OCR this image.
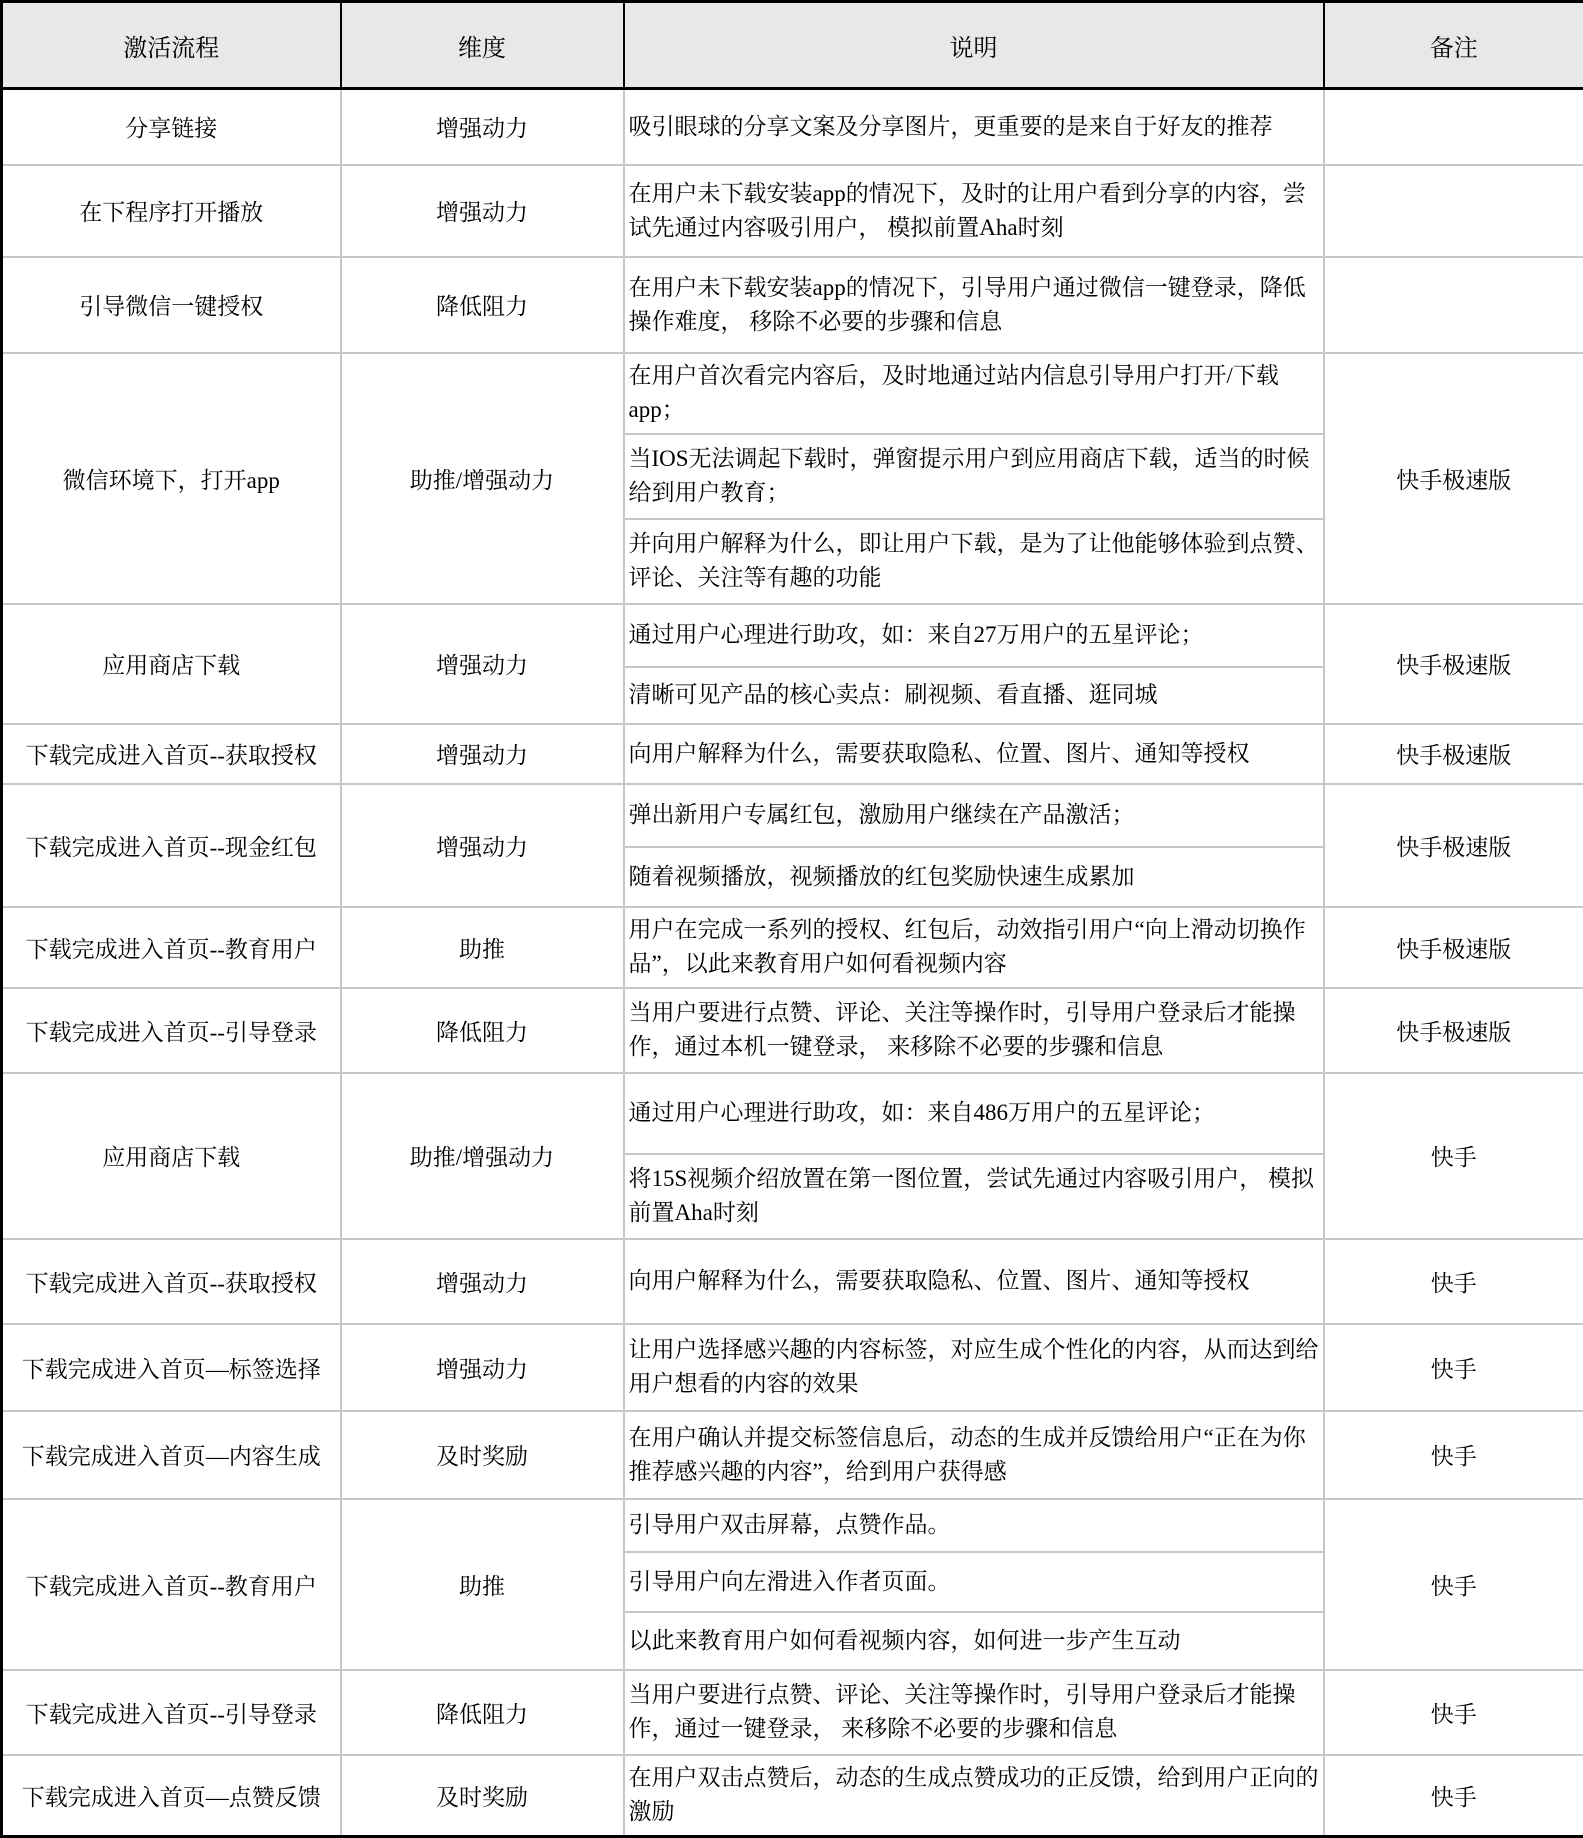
激活流程	维度	说明	备注
分享链接	增强动力	吸引眼球的分享文案及分享图片，更重要的是来自于好友的推荐	
在下程序打开播放	增强动力	在用户未下载安装app的情况下，及时的让用户看到分享的内容，尝试先通过内容吸引用户， 模拟前置Aha时刻	
引导微信一键授权	降低阻力	在用户未下载安装app的情况下，引导用户通过微信一键登录，降低操作难度， 移除不必要的步骤和信息	
微信环境下，打开app	助推/增强动力	在用户首次看完内容后，及时地通过站内信息引导用户打开/下载app；	快手极速版
		当IOS无法调起下载时，弹窗提示用户到应用商店下载，适当的时候给到用户教育；	
		并向用户解释为什么，即让用户下载，是为了让他能够体验到点赞、评论、关注等有趣的功能	
应用商店下载	增强动力	通过用户心理进行助攻，如：来自27万用户的五星评论；	快手极速版
		清晰可见产品的核心卖点：刷视频、看直播、逛同城	
下载完成进入首页--获取授权	增强动力	向用户解释为什么，需要获取隐私、位置、图片、通知等授权	快手极速版
下载完成进入首页--现金红包	增强动力	弹出新用户专属红包，激励用户继续在产品激活；	快手极速版
		随着视频播放，视频播放的红包奖励快速生成累加	
下载完成进入首页--教育用户	助推	用户在完成一系列的授权、红包后，动效指引用户“向上滑动切换作品”，以此来教育用户如何看视频内容	快手极速版
下载完成进入首页--引导登录	降低阻力	当用户要进行点赞、评论、关注等操作时，引导用户登录后才能操作，通过本机一键登录， 来移除不必要的步骤和信息	快手极速版
应用商店下载	助推/增强动力	通过用户心理进行助攻，如：来自486万用户的五星评论；	快手
		将15S视频介绍放置在第一图位置，尝试先通过内容吸引用户， 模拟前置Aha时刻	
下载完成进入首页--获取授权	增强动力	向用户解释为什么，需要获取隐私、位置、图片、通知等授权	快手
下载完成进入首页—标签选择	增强动力	让用户选择感兴趣的内容标签，对应生成个性化的内容，从而达到给用户想看的内容的效果	快手
下载完成进入首页—内容生成	及时奖励	在用户确认并提交标签信息后，动态的生成并反馈给用户“正在为你推荐感兴趣的内容”，给到用户获得感	快手
下载完成进入首页--教育用户	助推	引导用户双击屏幕，点赞作品。	快手
		引导用户向左滑进入作者页面。	
		以此来教育用户如何看视频内容，如何进一步产生互动	
下载完成进入首页--引导登录	降低阻力	当用户要进行点赞、评论、关注等操作时，引导用户登录后才能操作，通过一键登录， 来移除不必要的步骤和信息	快手
下载完成进入首页—点赞反馈	及时奖励	在用户双击点赞后，动态的生成点赞成功的正反馈，给到用户正向的激励	快手
